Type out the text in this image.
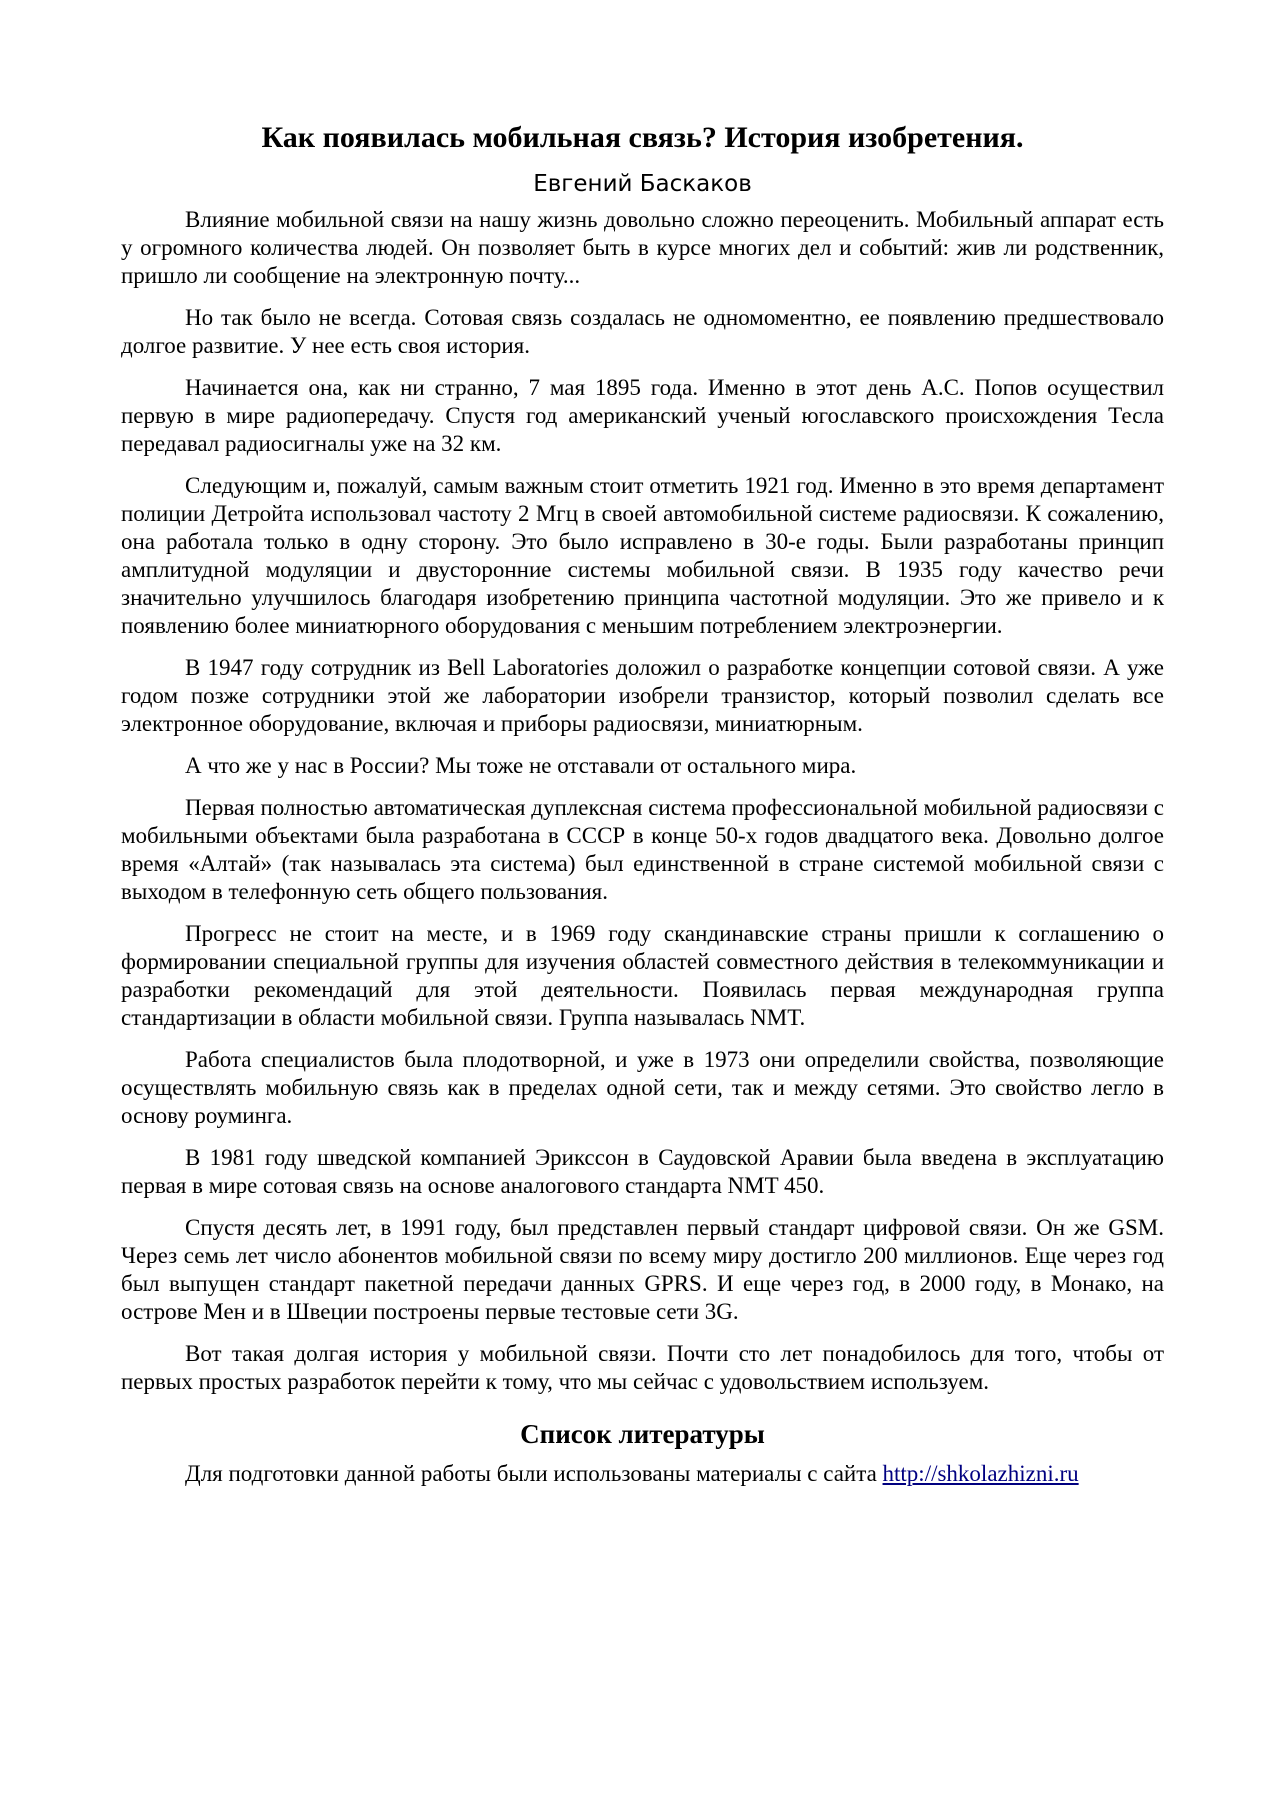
Как появилась мобильная связь? История изобретения.
Евгений Баскаков

Влияние мобильной связи на нашу жизнь довольно сложно переоценить. Мобильный аппарат есть у огромного количества людей. Он позволяет быть в курсе многих дел и событий: жив ли родственник, пришло ли сообщение на электронную почту...

Но так было не всегда. Сотовая связь создалась не одномоментно, ее появлению предшествовало долгое развитие. У нее есть своя история.

Начинается она, как ни странно, 7 мая 1895 года. Именно в этот день А.С. Попов осуществил первую в мире радиопередачу. Спустя год американский ученый югославского происхождения Тесла передавал радиосигналы уже на 32 км.

Следующим и, пожалуй, самым важным стоит отметить 1921 год. Именно в это время департамент полиции Детройта использовал частоту 2 Мгц в своей автомобильной системе радиосвязи. К сожалению, она работала только в одну сторону. Это было исправлено в 30-е годы. Были разработаны принцип амплитудной модуляции и двусторонние системы мобильной связи. В 1935 году качество речи значительно улучшилось благодаря изобретению принципа частотной модуляции. Это же привело и к появлению более миниатюрного оборудования с меньшим потреблением электроэнергии.

В 1947 году сотрудник из Bell Laboratories доложил о разработке концепции сотовой связи. А уже годом позже сотрудники этой же лаборатории изобрели транзистор, который позволил сделать все электронное оборудование, включая и приборы радиосвязи, миниатюрным.

А что же у нас в России? Мы тоже не отставали от остального мира.

Первая полностью автоматическая дуплексная система профессиональной мобильной радиосвязи с мобильными объектами была разработана в СССР в конце 50-х годов двадцатого века. Довольно долгое время «Алтай» (так называлась эта система) был единственной в стране системой мобильной связи с выходом в телефонную сеть общего пользования.

Прогресс не стоит на месте, и в 1969 году скандинавские страны пришли к соглашению о формировании специальной группы для изучения областей совместного действия в телекоммуникации и разработки рекомендаций для этой деятельности. Появилась первая международная группа стандартизации в области мобильной связи. Группа называлась NMT.

Работа специалистов была плодотворной, и уже в 1973 они определили свойства, позволяющие осуществлять мобильную связь как в пределах одной сети, так и между сетями. Это свойство легло в основу роуминга.

В 1981 году шведской компанией Эриксcон в Саудовской Аравии была введена в эксплуатацию первая в мире сотовая связь на основе аналогового стандарта NMT 450.

Спустя десять лет, в 1991 году, был представлен первый стандарт цифровой связи. Он же GSM. Через семь лет число абонентов мобильной связи по всему миру достигло 200 миллионов. Еще через год был выпущен стандарт пакетной передачи данных GPRS. И еще через год, в 2000 году, в Монако, на острове Мен и в Швеции построены первые тестовые сети 3G.

Вот такая долгая история у мобильной связи. Почти сто лет понадобилось для того, чтобы от первых простых разработок перейти к тому, что мы сейчас с удовольствием используем.

Список литературы

Для подготовки данной работы были использованы материалы с сайта http://shkolazhizni.ru
